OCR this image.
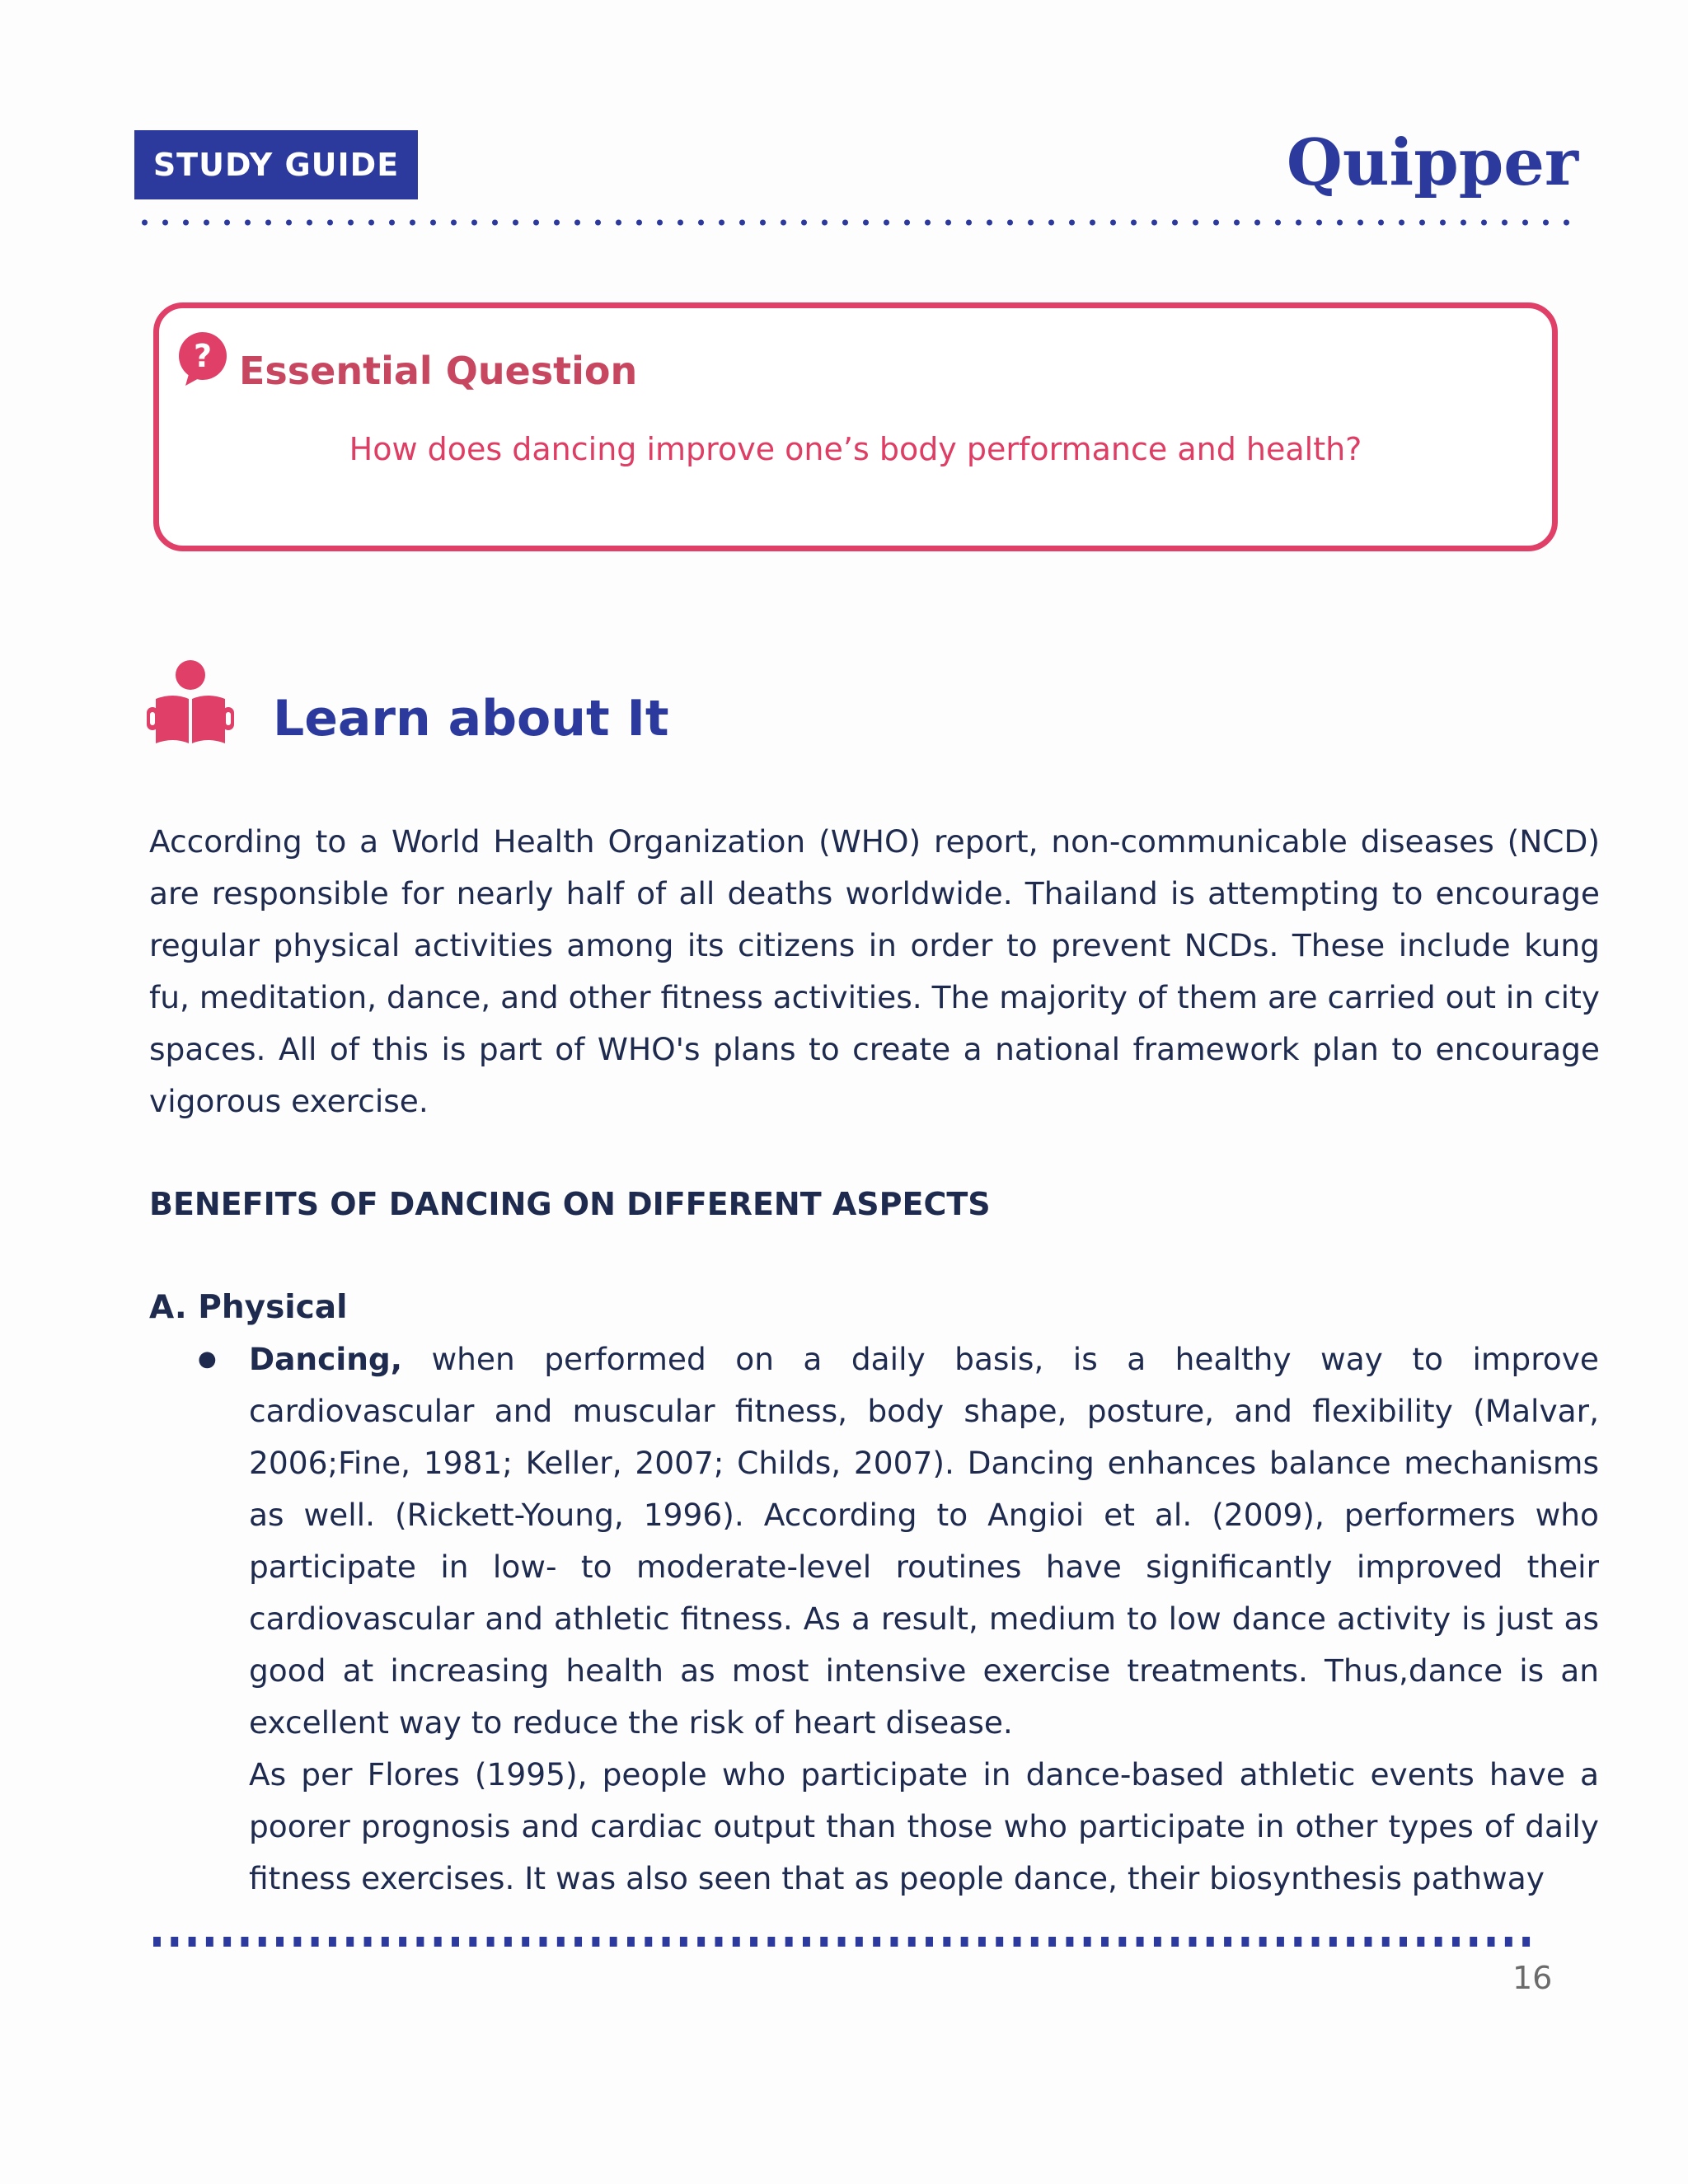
STUDY GUIDE	Quipper
? Essential Question
How does dancing improve one’s body performance and health?
Learn about It
According to a World Health Organization (WHO) report, non-communicable diseases (NCD) are responsible for nearly half of all deaths worldwide. Thailand is attempting to encourage regular physical activities among its citizens in order to prevent NCDs. These include kung fu, meditation, dance, and other fitness activities. The majority of them are carried out in city spaces. All of this is part of WHO's plans to create a national framework plan to encourage vigorous exercise.
BENEFITS OF DANCING ON DIFFERENT ASPECTS
A. Physical
● Dancing, when performed on a daily basis, is a healthy way to improve cardiovascular and muscular fitness, body shape, posture, and flexibility (Malvar, 2006;Fine, 1981; Keller, 2007; Childs, 2007). Dancing enhances balance mechanisms as well. (Rickett-Young, 1996). According to Angioi et al. (2009), performers who participate in low- to moderate-level routines have significantly improved their cardiovascular and athletic fitness. As a result, medium to low dance activity is just as good at increasing health as most intensive exercise treatments. Thus,dance is an excellent way to reduce the risk of heart disease.
● As per Flores (1995), people who participate in dance-based athletic events have a poorer prognosis and cardiac output than those who participate in other types of daily fitness exercises. It was also seen that as people dance, their biosynthesis pathway
16
